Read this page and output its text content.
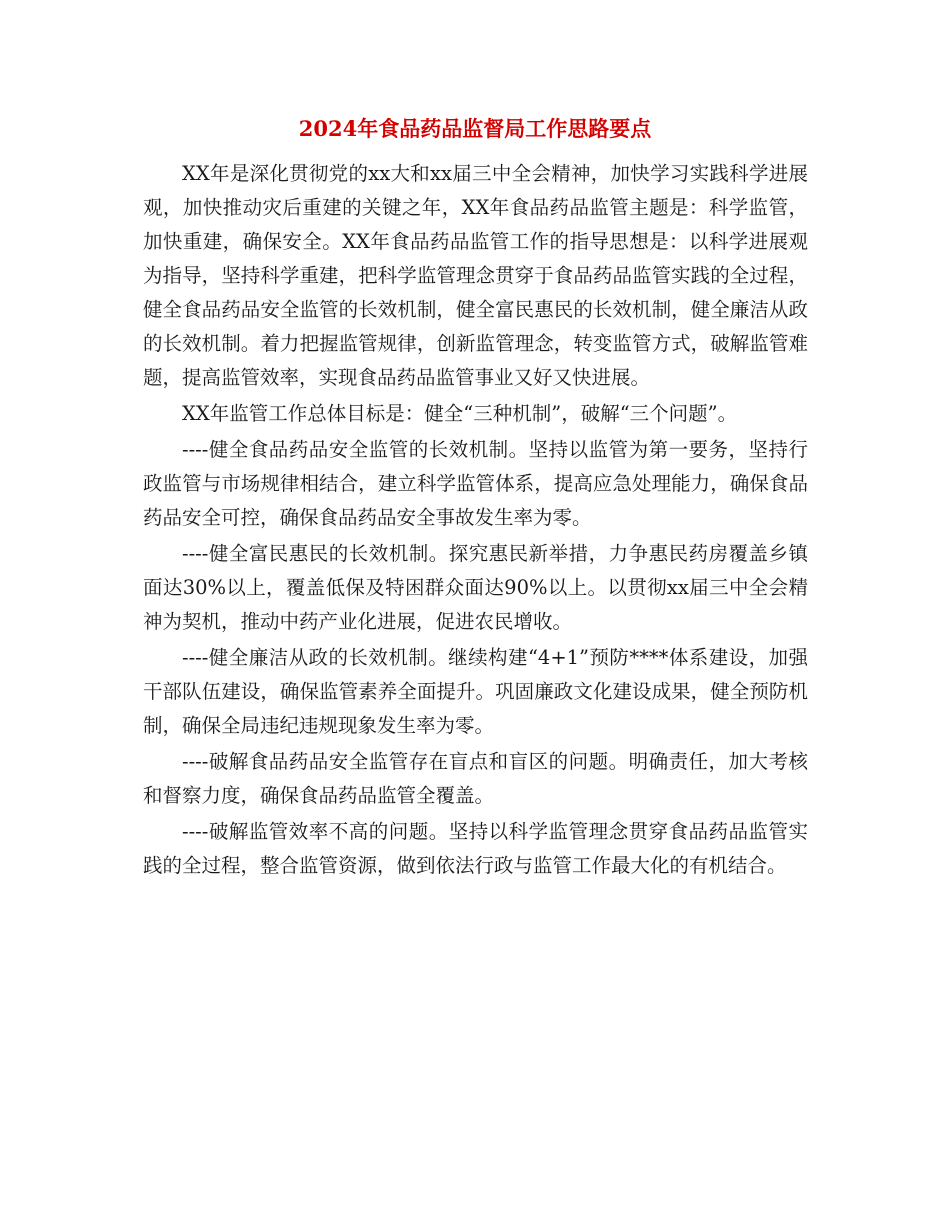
2024年食品药品监督局工作思路要点

XX年是深化贯彻党的xx大和xx届三中全会精神，加快学习实践科学进展观，加快推动灾后重建的关键之年，XX年食品药品监管主题是：科学监管，加快重建，确保安全。XX年食品药品监管工作的指导思想是：以科学进展观为指导，坚持科学重建，把科学监管理念贯穿于食品药品监管实践的全过程，健全食品药品安全监管的长效机制，健全富民惠民的长效机制，健全廉洁从政的长效机制。着力把握监管规律，创新监管理念，转变监管方式，破解监管难题，提高监管效率，实现食品药品监管事业又好又快进展。

XX年监管工作总体目标是：健全“三种机制”，破解“三个问题”。

----健全食品药品安全监管的长效机制。坚持以监管为第一要务，坚持行政监管与市场规律相结合，建立科学监管体系，提高应急处理能力，确保食品药品安全可控，确保食品药品安全事故发生率为零。

----健全富民惠民的长效机制。探究惠民新举措，力争惠民药房覆盖乡镇面达30%以上，覆盖低保及特困群众面达90%以上。以贯彻xx届三中全会精神为契机，推动中药产业化进展，促进农民增收。

----健全廉洁从政的长效机制。继续构建“4+1”预防****体系建设，加强干部队伍建设，确保监管素养全面提升。巩固廉政文化建设成果，健全预防机制，确保全局违纪违规现象发生率为零。

----破解食品药品安全监管存在盲点和盲区的问题。明确责任，加大考核和督察力度，确保食品药品监管全覆盖。

----破解监管效率不高的问题。坚持以科学监管理念贯穿食品药品监管实践的全过程，整合监管资源，做到依法行政与监管工作最大化的有机结合。
